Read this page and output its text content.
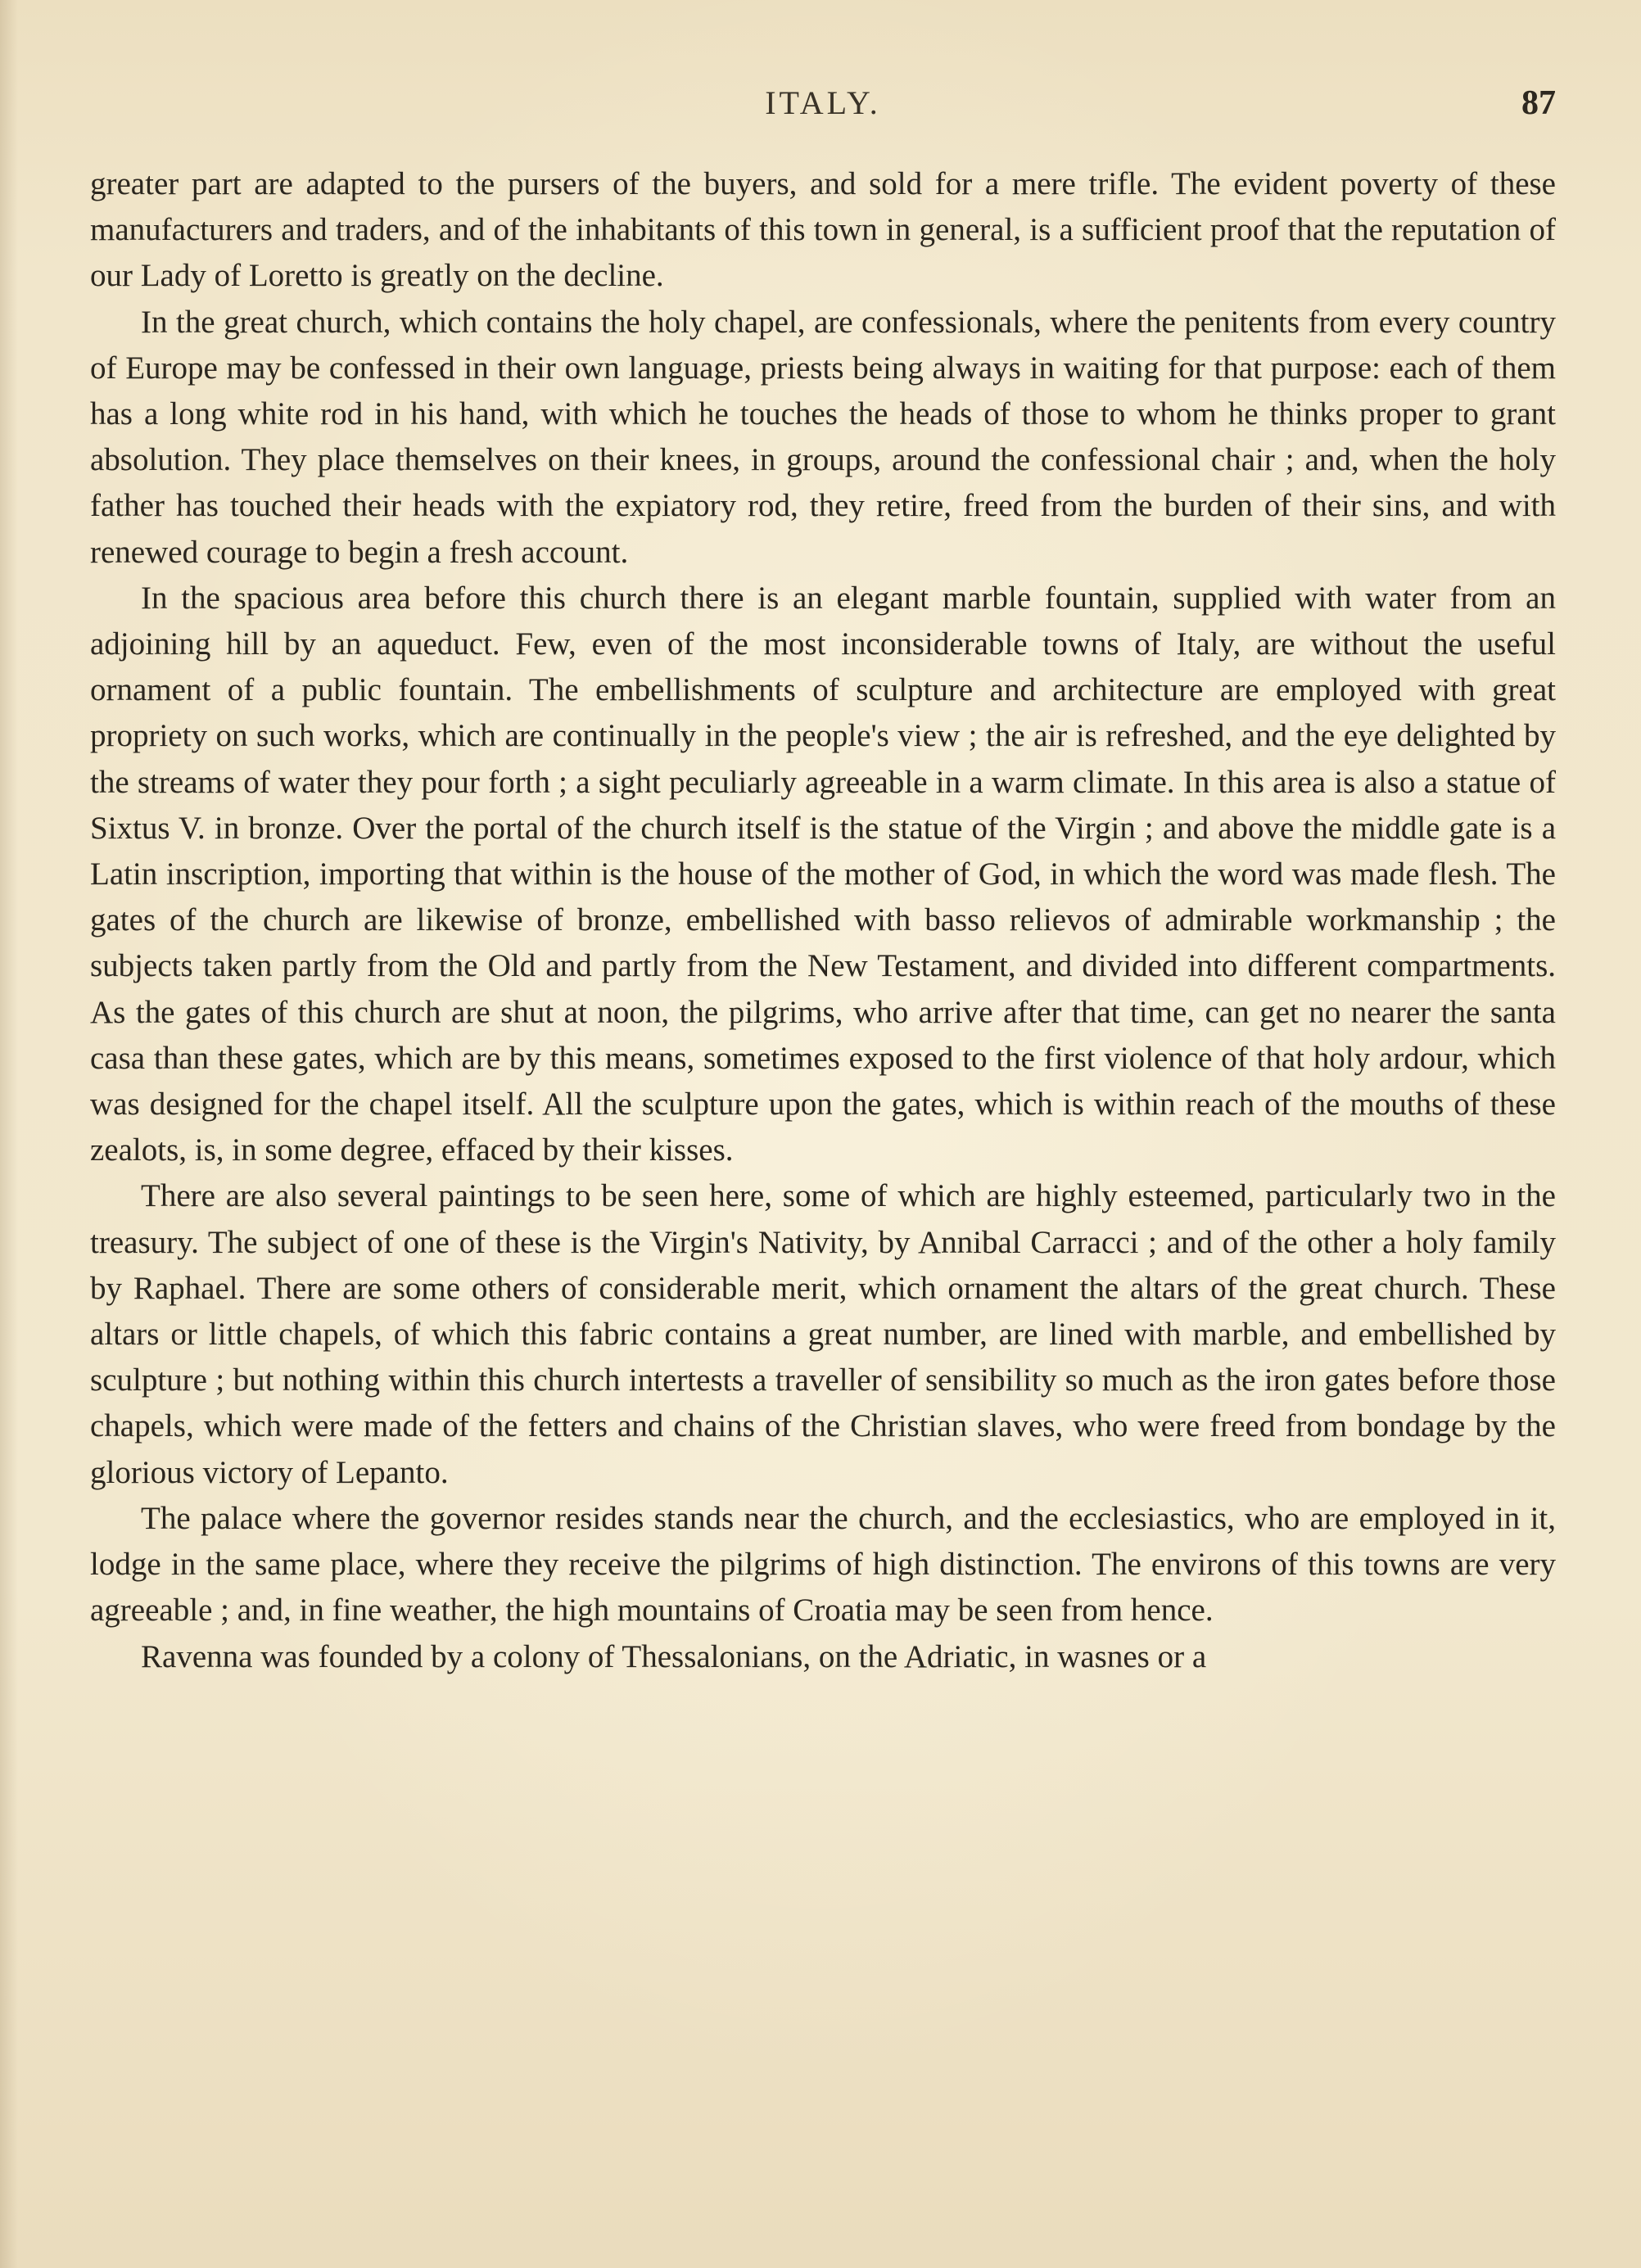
ITALY.	87

greater part are adapted to the pursers of the buyers, and sold for a mere trifle. The evident poverty of these manufacturers and traders, and of the inhabitants of this town in general, is a sufficient proof that the reputation of our Lady of Loretto is greatly on the decline.

In the great church, which contains the holy chapel, are confessionals, where the penitents from every country of Europe may be confessed in their own language, priests being always in waiting for that purpose: each of them has a long white rod in his hand, with which he touches the heads of those to whom he thinks proper to grant absolution. They place themselves on their knees, in groups, around the confessional chair ; and, when the holy father has touched their heads with the expiatory rod, they retire, freed from the burden of their sins, and with renewed courage to begin a fresh account.

In the spacious area before this church there is an elegant marble fountain, supplied with water from an adjoining hill by an aqueduct. Few, even of the most inconsiderable towns of Italy, are without the useful ornament of a public fountain. The embellishments of sculpture and architecture are employed with great propriety on such works, which are continually in the people's view ; the air is refreshed, and the eye delighted by the streams of water they pour forth ; a sight peculiarly agreeable in a warm climate. In this area is also a statue of Sixtus V. in bronze. Over the portal of the church itself is the statue of the Virgin ; and above the middle gate is a Latin inscription, importing that within is the house of the mother of God, in which the word was made flesh. The gates of the church are likewise of bronze, embellished with basso relievos of admirable workmanship ; the subjects taken partly from the Old and partly from the New Testament, and divided into different compartments. As the gates of this church are shut at noon, the pilgrims, who arrive after that time, can get no nearer the santa casa than these gates, which are by this means, sometimes exposed to the first violence of that holy ardour, which was designed for the chapel itself. All the sculpture upon the gates, which is within reach of the mouths of these zealots, is, in some degree, effaced by their kisses.

There are also several paintings to be seen here, some of which are highly esteemed, particularly two in the treasury. The subject of one of these is the Virgin's Nativity, by Annibal Carracci ; and of the other a holy family by Raphael. There are some others of considerable merit, which ornament the altars of the great church. These altars or little chapels, of which this fabric contains a great number, are lined with marble, and embellished by sculpture ; but nothing within this church intertests a traveller of sensibility so much as the iron gates before those chapels, which were made of the fetters and chains of the Christian slaves, who were freed from bondage by the glorious victory of Lepanto.

The palace where the governor resides stands near the church, and the ecclesiastics, who are employed in it, lodge in the same place, where they receive the pilgrims of high distinction. The environs of this towns are very agreeable ; and, in fine weather, the high mountains of Croatia may be seen from hence.

Ravenna was founded by a colony of Thessalonians, on the Adriatic, in wasnes or a
